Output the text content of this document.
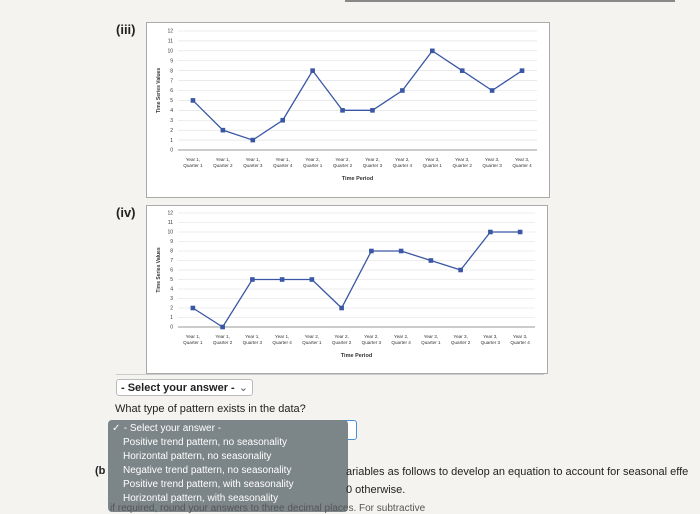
(iii)
0
1
2
3
4
5
6
7
8
9
10
11
12
Time Series Values
Year 1,
Quarter 1
Year 1,
Quarter 2
Year 1,
Quarter 3
Year 1,
Quarter 4
Year 2,
Quarter 1
Year 2,
Quarter 2
Year 2,
Quarter 3
Year 2,
Quarter 4
Year 3,
Quarter 1
Year 3,
Quarter 2
Year 3,
Quarter 3
Year 3,
Quarter 4
Time Period
(iv)
0
1
2
3
4
5
6
7
8
9
10
11
12
Time Series Values
Year 1,
Quarter 1
Year 1,
Quarter 2
Year 1,
Quarter 3
Year 1,
Quarter 4
Year 2,
Quarter 1
Year 2,
Quarter 2
Year 2,
Quarter 3
Year 2,
Quarter 4
Year 3,
Quarter 1
Year 3,
Quarter 2
Year 3,
Quarter 3
Year 3,
Quarter 4
Time Period
- Select your answer - ⌄
What type of pattern exists in the data?
✓ - Select your answer -
Positive trend pattern, no seasonality
Horizontal pattern, no seasonality
Negative trend pattern, no seasonality
Positive trend pattern, with seasonality
Horizontal pattern, with seasonality
(b	ariables as follows to develop an equation to account for seasonal effe
0 otherwise.
if required, round your answers to three decimal places. For subtractive
